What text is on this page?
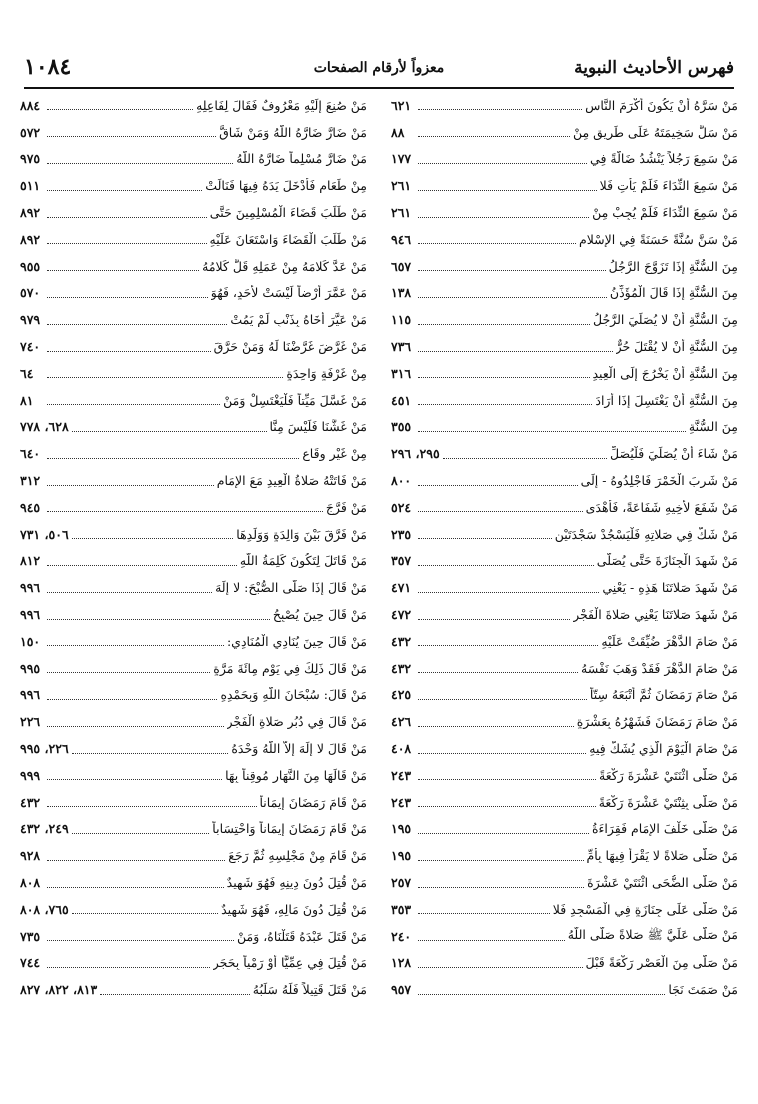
فهرس الأحاديث النبوية
معزواً لأرقام الصفحات
١٠٨٤
مَنْ سَرَّهُ أَنْ يَكُونَ أَكْرَمَ النَّاسِ
٦٢١
مَنْ سَلَّ سَخِيمَتَهُ عَلَى طَرِيقٍ مِنْ
٨٨
مَنْ سَمِعَ رَجُلاً يَنْشُدُ ضَالَّةً فِي
١٧٧
مَنْ سَمِعَ النِّدَاءَ فَلَمْ يَأْتِ فَلا
٢٦١
مَنْ سَمِعَ النِّدَاءَ فَلَمْ يُجِبْ مِنْ
٢٦١
مَنْ سَنَّ سُنَّةً حَسَنَةً فِي الإِسْلامِ
٩٤٦
مِنَ السُّنَّةِ إِذَا تَزَوَّجَ الرَّجُلُ
٦٥٧
مِنَ السُّنَّةِ إِذَا قَالَ الْمُؤَذِّنُ
١٣٨
مِنَ السُّنَّةِ أَنْ لا يُصَلِّيَ الرَّجُلُ
١١٥
مِنَ السُّنَّةِ أَنْ لا يُقْتَلَ حُرٌّ
٧٣٦
مِنَ السُّنَّةِ أَنْ يَخْرُجَ إِلَى الْعِيدِ
٣١٦
مِنَ السُّنَّةِ أَنْ يَغْتَسِلَ إِذَا أَرَادَ
٤٥١
مِنَ السُّنَّةِ
٣٥٥
مَنْ شَاءَ أَنْ يُصَلِّيَ فَلْيُصَلِّ
٢٩٥، ٢٩٦
مَنْ شَرِبَ الْخَمْرَ فَاجْلِدُوهُ - إِلَى
٨٠٠
مَنْ شَفَعَ لأَخِيهِ شَفَاعَةً، فَأَهْدَى
٥٢٤
مَنْ شَكَّ فِي صَلاتِهِ فَلْيَسْجُدْ سَجْدَتَيْنِ
٢٣٥
مَنْ شَهِدَ الْجِنَازَةَ حَتَّى يُصَلَّى
٣٥٧
مَنْ شَهِدَ صَلاتَنَا هَذِهِ - يَعْنِي
٤٧١
مَنْ شَهِدَ صَلاتَنَا يَعْنِي صَلاةَ الْفَجْرِ
٤٧٢
مَنْ صَامَ الدَّهْرَ ضُيِّقَتْ عَلَيْهِ
٤٣٢
مَنْ صَامَ الدَّهْرَ فَقَدْ وَهَبَ نَفْسَهُ
٤٣٢
مَنْ صَامَ رَمَضَانَ ثُمَّ أَتْبَعَهُ سِتّاً
٤٢٥
مَنْ صَامَ رَمَضَانَ فَشَهْرُهُ بِعَشْرَةٍ
٤٢٦
مَنْ صَامَ الْيَوْمَ الَّذِي يُشَكُّ فِيهِ
٤٠٨
مَنْ صَلَّى اثْنَتَيْ عَشْرَةَ رَكْعَةً
٢٤٣
مَنْ صَلَّى بِثِنْتَيْ عَشْرَةَ رَكْعَةً
٢٤٣
مَنْ صَلَّى خَلْفَ الإِمَامِ فَقِرَاءَةُ
١٩٥
مَنْ صَلَّى صَلاةً لا يَقْرَأُ فِيهَا بِأُمِّ
١٩٥
مَنْ صَلَّى الضُّحَى اثْنَتَيْ عَشْرَةَ
٢٥٧
مَنْ صَلَّى عَلَى جِنَازَةٍ فِي الْمَسْجِدِ فَلا
٣٥٣
مَنْ صَلَّى عَلَيَّ ﷺ صَلاةً صَلَّى اللَّهُ
٢٤٠
مَنْ صَلَّى مِنَ الْعَصْرِ رَكْعَةً قَبْلَ
١٢٨
مَنْ صَمَتَ نَجَا
٩٥٧
مَنْ صُنِعَ إِلَيْهِ مَعْرُوفٌ فَقَالَ لِفَاعِلِهِ
٨٨٤
مَنْ ضَارَّ ضَارَّهُ اللَّهُ وَمَنْ شَاقَّ
٥٧٢
مَنْ ضَارَّ مُسْلِماً ضَارَّهُ اللَّهُ
٩٧٥
مِنْ طَعَامٍ فَأَدْخَلَ يَدَهُ فِيهَا فَنَالَتْ
٥١١
مَنْ طَلَبَ قَضَاءَ الْمُسْلِمِينَ حَتَّى
٨٩٢
مَنْ طَلَبَ الْقَضَاءَ وَاسْتَعَانَ عَلَيْهِ
٨٩٢
مَنْ عَدَّ كَلامَهُ مِنْ عَمَلِهِ قَلَّ كَلامُهُ
٩٥٥
مَنْ عَمَّرَ أَرْضاً لَيْسَتْ لأَحَدٍ، فَهُوَ
٥٧٠
مَنْ عَيَّرَ أَخَاهُ بِذَنْبٍ لَمْ يَمُتْ
٩٧٩
مَنْ غَرَّضَ غَرَّضْنَا لَهُ وَمَنْ حَرَّقَ
٧٤٠
مِنْ غَرْفَةٍ وَاحِدَةٍ
٦٤
مَنْ غَسَّلَ مَيِّتاً فَلْيَغْتَسِلْ وَمَنْ
٨١
مَنْ غَشَّنَا فَلَيْسَ مِنَّا
٦٢٨، ٧٧٨
مِنْ غَيْرِ وِقَاعٍ
٦٤٠
مَنْ فَاتَتْهُ صَلاةُ الْعِيدِ مَعَ الإِمَامِ
٣١٢
مَنْ فَرَّجَ
٩٤٥
مَنْ فَرَّقَ بَيْنَ وَالِدَةٍ وَوَلَدِهَا
٥٠٦، ٧٣١
مَنْ قَاتَلَ لِتَكُونَ كَلِمَةُ اللَّهِ
٨١٢
مَنْ قَالَ إِذَا صَلَّى الصُّبْحَ: لا إِلَهَ
٩٩٦
مَنْ قَالَ حِينَ يُصْبِحُ
٩٩٦
مَنْ قَالَ حِينَ يُنَادِي الْمُنَادِي:
١٥٠
مَنْ قَالَ ذَلِكَ فِي يَوْمٍ مِائَةَ مَرَّةٍ
٩٩٥
مَنْ قَالَ: سُبْحَانَ اللَّهِ وَبِحَمْدِهِ
٩٩٦
مَنْ قَالَ فِي دُبُرِ صَلاةِ الْفَجْرِ
٢٢٦
مَنْ قَالَ لا إِلَهَ إِلاَّ اللَّهُ وَحْدَهُ
٢٢٦، ٩٩٥
مَنْ قَالَهَا مِنَ النَّهَارِ مُوقِناً بِهَا
٩٩٩
مَنْ قَامَ رَمَضَانَ إِيمَاناً
٤٣٢
مَنْ قَامَ رَمَضَانَ إِيمَاناً وَاحْتِسَاباً
٢٤٩، ٤٣٢
مَنْ قَامَ مِنْ مَجْلِسِهِ ثُمَّ رَجَعَ
٩٢٨
مَنْ قُتِلَ دُونَ دِينِهِ فَهُوَ شَهِيدٌ
٨٠٨
مَنْ قُتِلَ دُونَ مَالِهِ، فَهُوَ شَهِيدٌ
٧٦٥، ٨٠٨
مَنْ قَتَلَ عَبْدَهُ قَتَلْنَاهُ، وَمَنْ
٧٣٥
مَنْ قُتِلَ فِي عِمِّيًّا أَوْ رَمْياً بِحَجَرٍ
٧٤٤
مَنْ قَتَلَ قَتِيلاً فَلَهُ سَلَبُهُ
٨١٣، ٨٢٢، ٨٢٧
